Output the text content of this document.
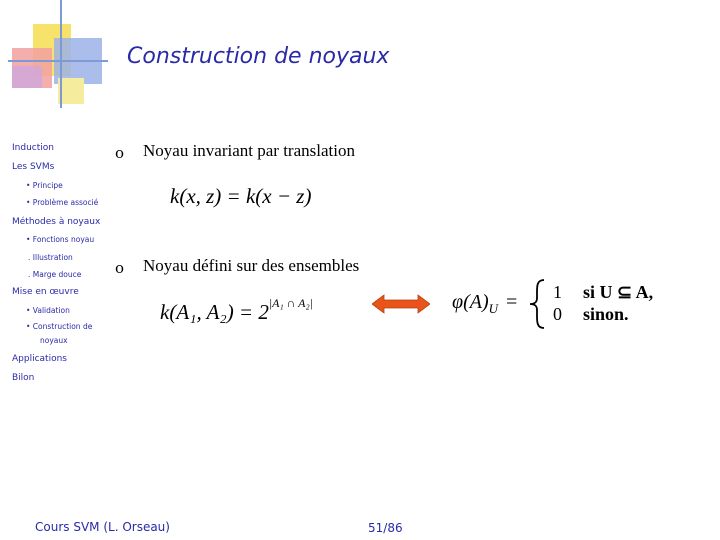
Construction de noyaux
Induction
Les SVMs
• Principe
• Problème associé
Méthodes à noyaux
• Fonctions noyau
. Illustration
. Marge douce
Mise en œuvre
• Validation
• Construction de
noyaux
Applications
Bilon
o Noyau invariant par translation
k(x, z) = k(x − z)
o Noyau défini sur des ensembles
k(A₁, $A_2) = 2^{|A_1 \cap A_2|}$	$\varphi(A)_U = 1$ si U ⊆ A,
0 sinon.
Cours SVM (L. Orseau)	51/86
